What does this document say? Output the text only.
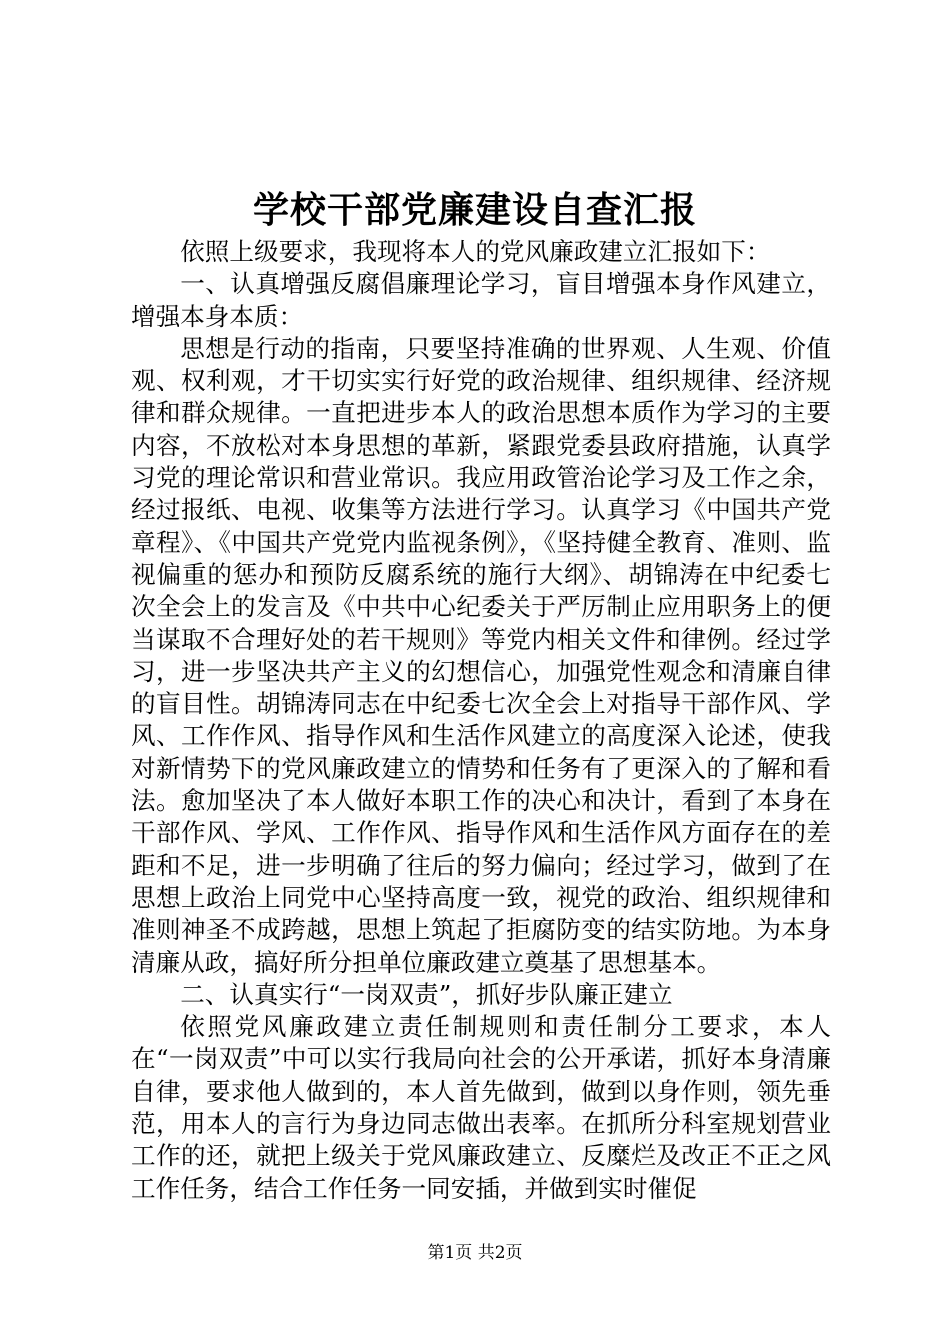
学校干部党廉建设自查汇报

依照上级要求，我现将本人的党风廉政建立汇报如下：

一、认真增强反腐倡廉理论学习，盲目增强本身作风建立，增强本身本质：

思想是行动的指南，只要坚持准确的世界观、人生观、价值观、权利观，才干切实实行好党的政治规律、组织规律、经济规律和群众规律。一直把进步本人的政治思想本质作为学习的主要内容，不放松对本身思想的革新，紧跟党委县政府措施，认真学习党的理论常识和营业常识。我应用政管治论学习及工作之余，经过报纸、电视、收集等方法进行学习。认真学习《中国共产党章程》、《中国共产党党内监视条例》，《坚持健全教育、准则、监视偏重的惩办和预防反腐系统的施行大纲》、胡锦涛在中纪委七次全会上的发言及《中共中心纪委关于严厉制止应用职务上的便当谋取不合理好处的若干规则》等党内相关文件和律例。经过学习，进一步坚决共产主义的幻想信心，加强党性观念和清廉自律的盲目性。胡锦涛同志在中纪委七次全会上对指导干部作风、学风、工作作风、指导作风和生活作风建立的高度深入论述，使我对新情势下的党风廉政建立的情势和任务有了更深入的了解和看法。愈加坚决了本人做好本职工作的决心和决计，看到了本身在干部作风、学风、工作作风、指导作风和生活作风方面存在的差距和不足，进一步明确了往后的努力偏向；经过学习，做到了在思想上政治上同党中心坚持高度一致，视党的政治、组织规律和准则神圣不成跨越，思想上筑起了拒腐防变的结实防地。为本身清廉从政，搞好所分担单位廉政建立奠基了思想基本。

二、认真实行“一岗双责”，抓好步队廉正建立

依照党风廉政建立责任制规则和责任制分工要求，本人在“一岗双责”中可以实行我局向社会的公开承诺，抓好本身清廉自律，要求他人做到的，本人首先做到，做到以身作则，领先垂范，用本人的言行为身边同志做出表率。在抓所分科室规划营业工作的还，就把上级关于党风廉政建立、反糜烂及改正不正之风工作任务，结合工作任务一同安插，并做到实时催促

第1页 共2页
